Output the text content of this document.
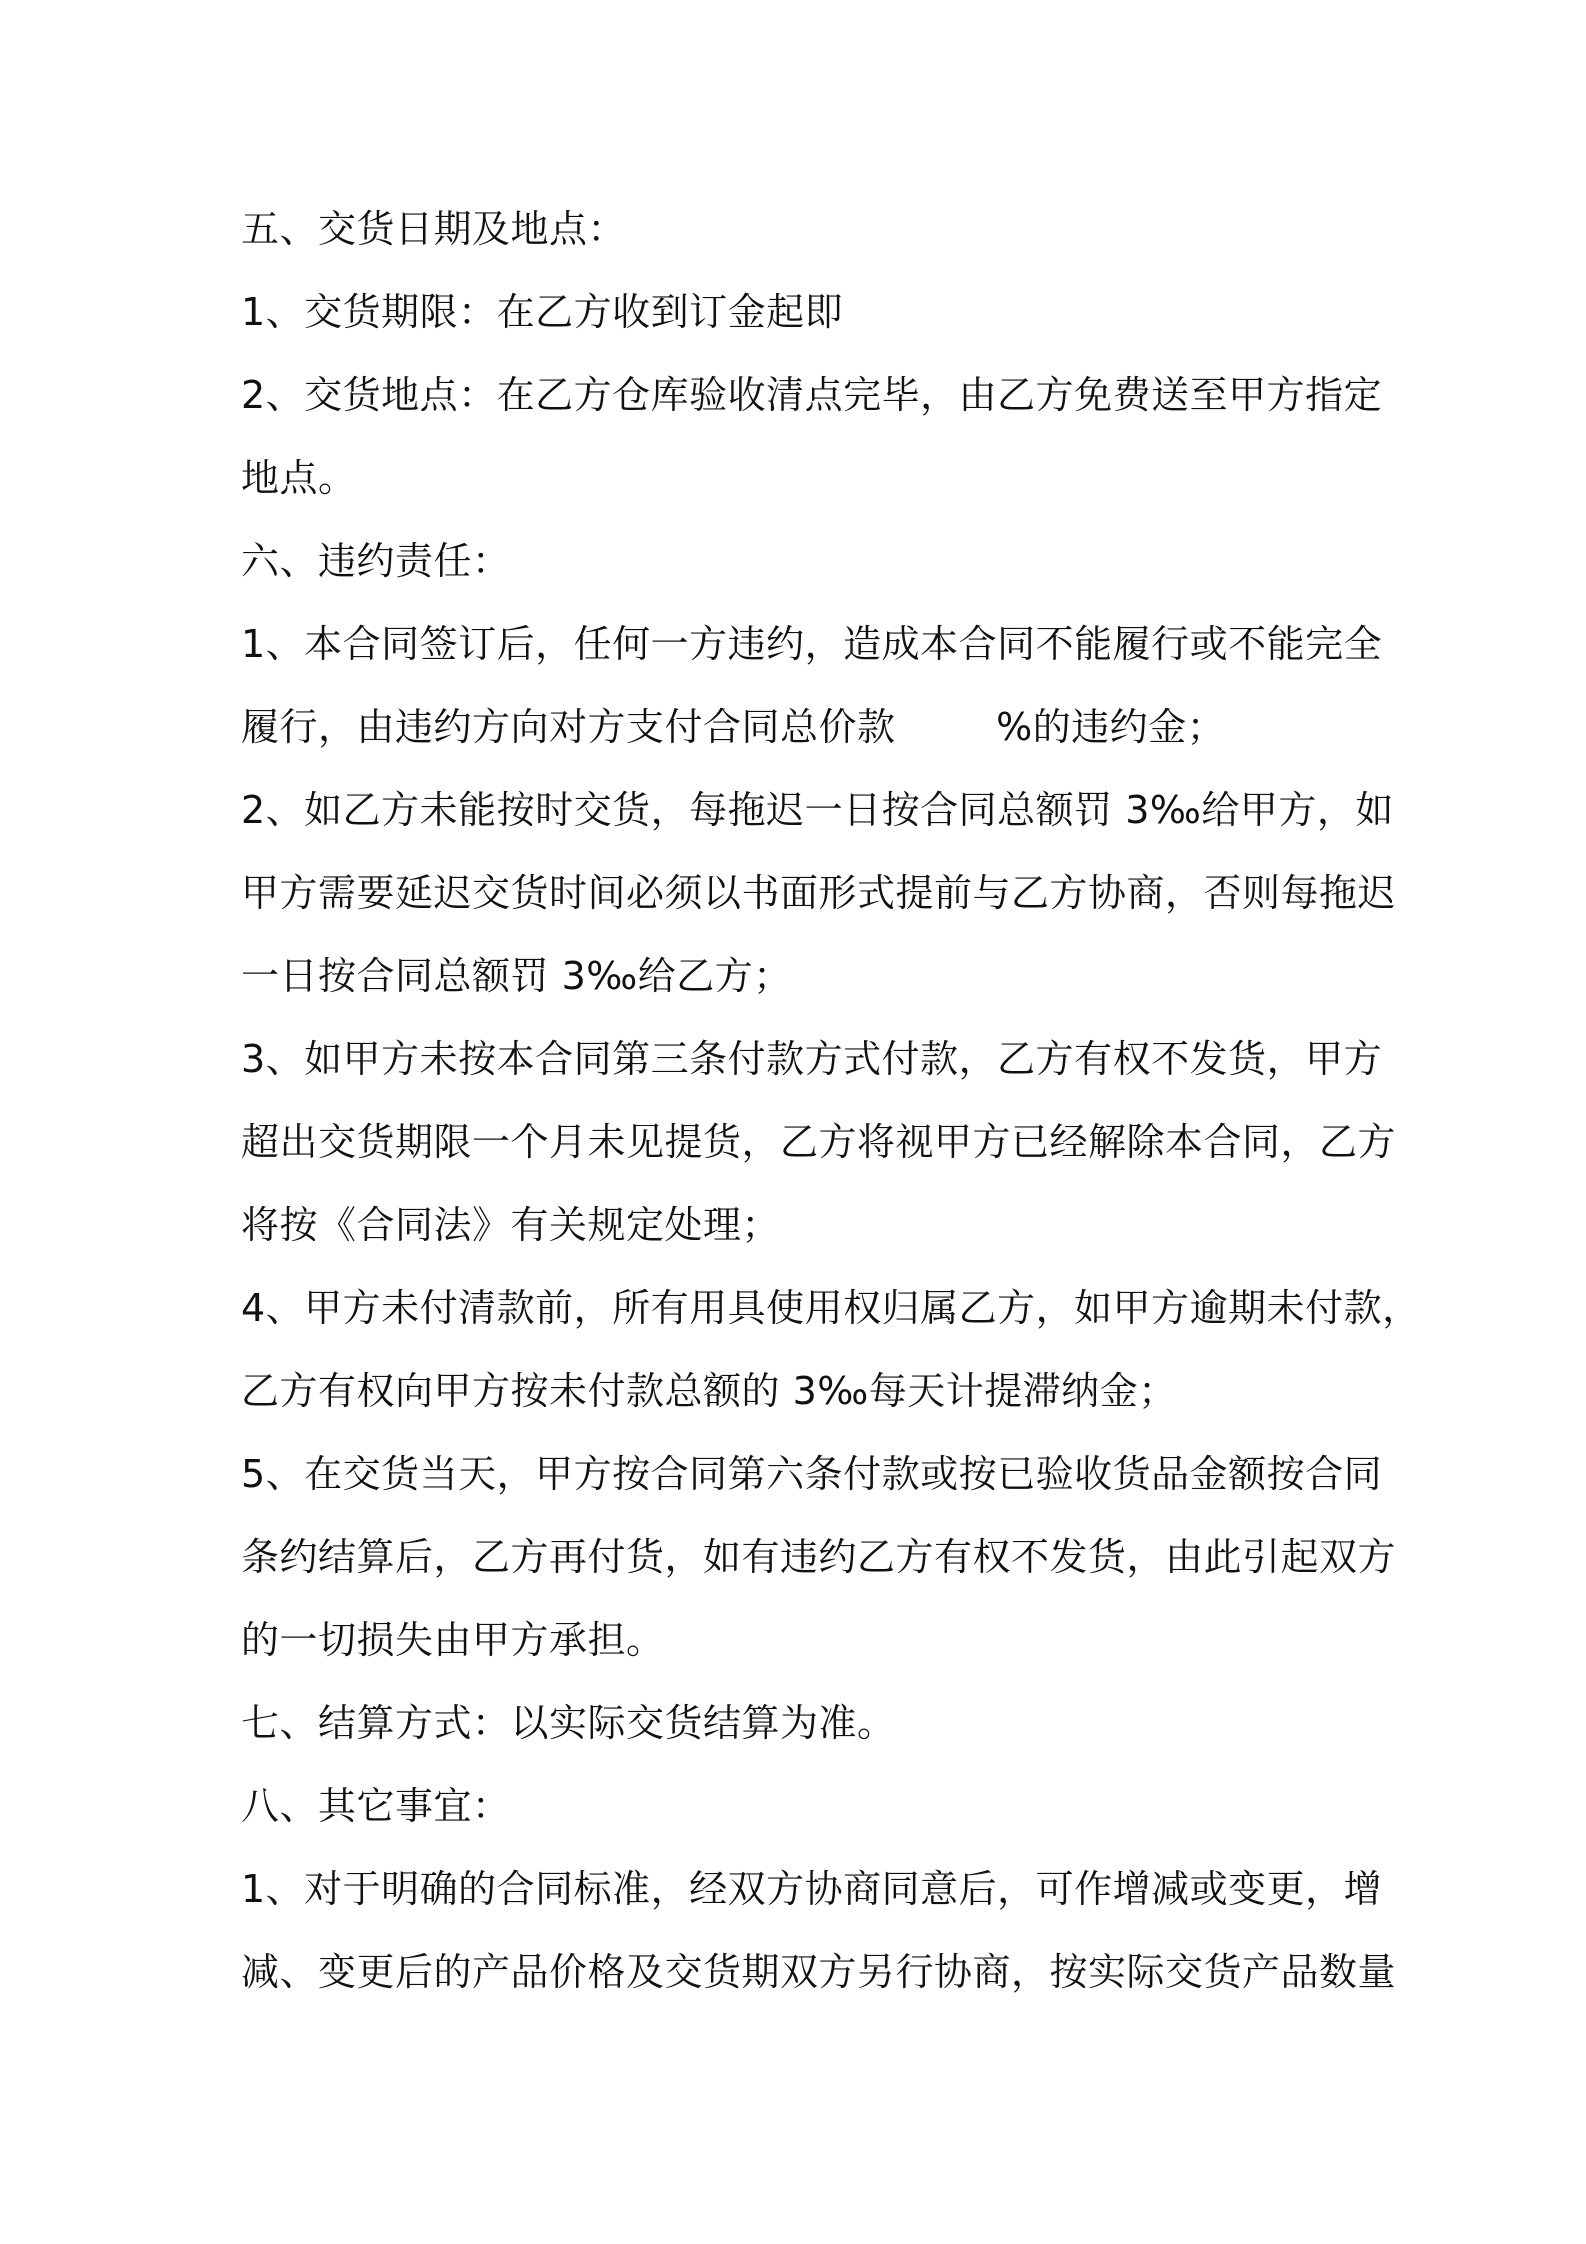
五、交货日期及地点：
1、交货期限：在乙方收到订金起即
2、交货地点：在乙方仓库验收清点完毕，由乙方免费送至甲方指定
地点。
六、违约责任：
1、本合同签订后，任何一方违约，造成本合同不能履行或不能完全
履行，由违约方向对方支付合同总价款        %的违约金；
2、如乙方未能按时交货，每拖迟一日按合同总额罚 3‰给甲方，如
甲方需要延迟交货时间必须以书面形式提前与乙方协商，否则每拖迟
一日按合同总额罚 3‰给乙方；
3、如甲方未按本合同第三条付款方式付款，乙方有权不发货，甲方
超出交货期限一个月未见提货，乙方将视甲方已经解除本合同，乙方
将按《合同法》有关规定处理；
4、甲方未付清款前，所有用具使用权归属乙方，如甲方逾期未付款，
乙方有权向甲方按未付款总额的 3‰每天计提滞纳金；
5、在交货当天，甲方按合同第六条付款或按已验收货品金额按合同
条约结算后，乙方再付货，如有违约乙方有权不发货，由此引起双方
的一切损失由甲方承担。
七、结算方式：以实际交货结算为准。
八、其它事宜：
1、对于明确的合同标准，经双方协商同意后，可作增减或变更，增
减、变更后的产品价格及交货期双方另行协商，按实际交货产品数量
